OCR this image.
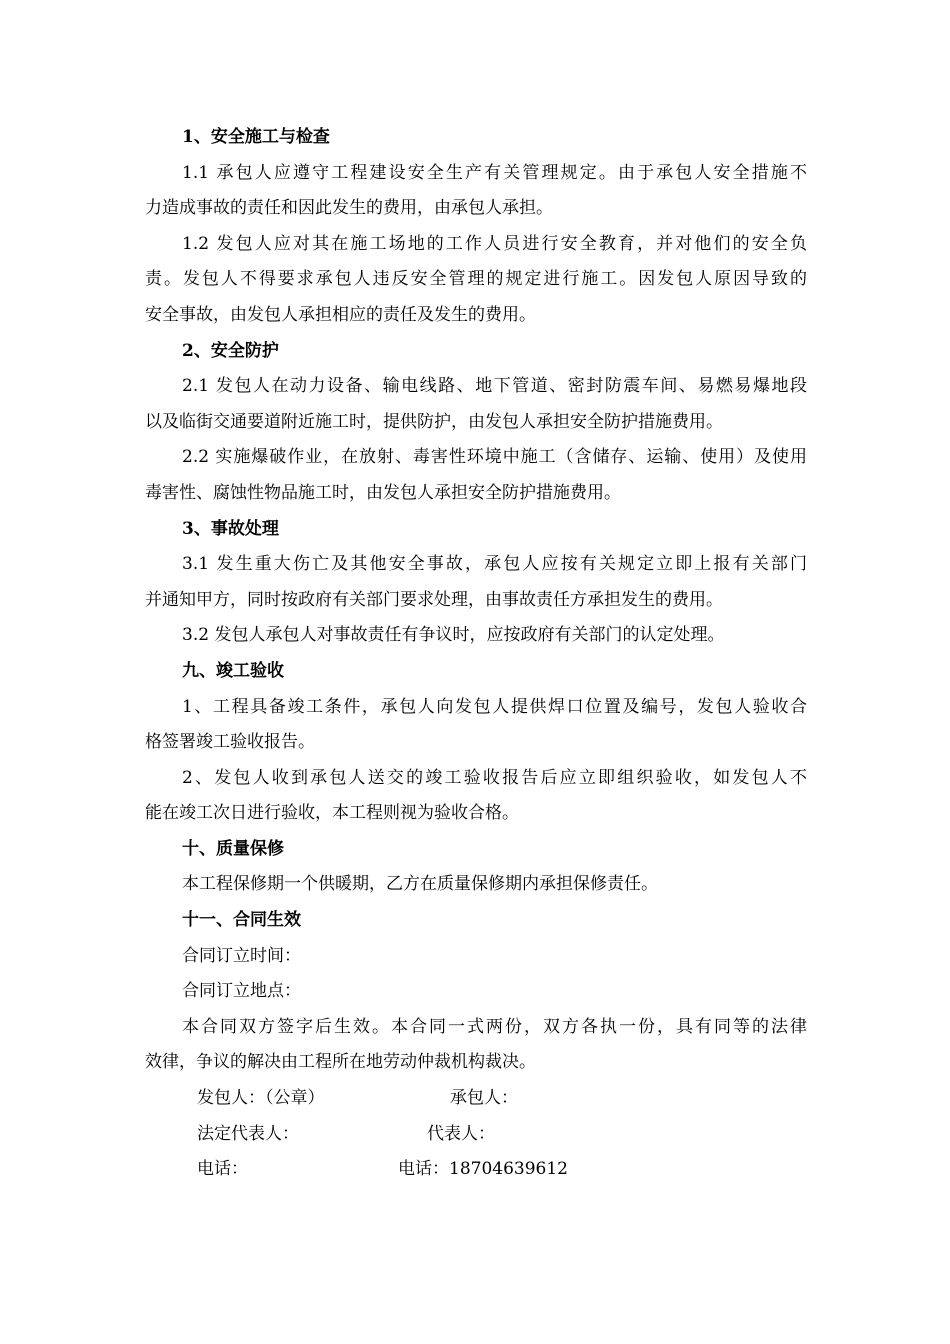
1、安全施工与检查
1.1 承包人应遵守工程建设安全生产有关管理规定。由于承包人安全措施不
力造成事故的责任和因此发生的费用，由承包人承担。
1.2 发包人应对其在施工场地的工作人员进行安全教育，并对他们的安全负
责。发包人不得要求承包人违反安全管理的规定进行施工。因发包人原因导致的
安全事故，由发包人承担相应的责任及发生的费用。
2、安全防护
2.1 发包人在动力设备、输电线路、地下管道、密封防震车间、易燃易爆地段
以及临街交通要道附近施工时，提供防护，由发包人承担安全防护措施费用。
2.2 实施爆破作业，在放射、毒害性环境中施工（含储存、运输、使用）及使用
毒害性、腐蚀性物品施工时，由发包人承担安全防护措施费用。
3、事故处理
3.1 发生重大伤亡及其他安全事故，承包人应按有关规定立即上报有关部门
并通知甲方，同时按政府有关部门要求处理，由事故责任方承担发生的费用。
3.2 发包人承包人对事故责任有争议时，应按政府有关部门的认定处理。
九、竣工验收
1、工程具备竣工条件，承包人向发包人提供焊口位置及编号，发包人验收合
格签署竣工验收报告。
2、发包人收到承包人送交的竣工验收报告后应立即组织验收，如发包人不
能在竣工次日进行验收，本工程则视为验收合格。
十、质量保修
本工程保修期一个供暖期，乙方在质量保修期内承担保修责任。
十一、合同生效
合同订立时间：
合同订立地点：
本合同双方签字后生效。本合同一式两份，双方各执一份，具有同等的法律
效律，争议的解决由工程所在地劳动仲裁机构裁决。
发包人：（公章）	承包人：
法定代表人：	代表人：
电话：	电话：18704639612
